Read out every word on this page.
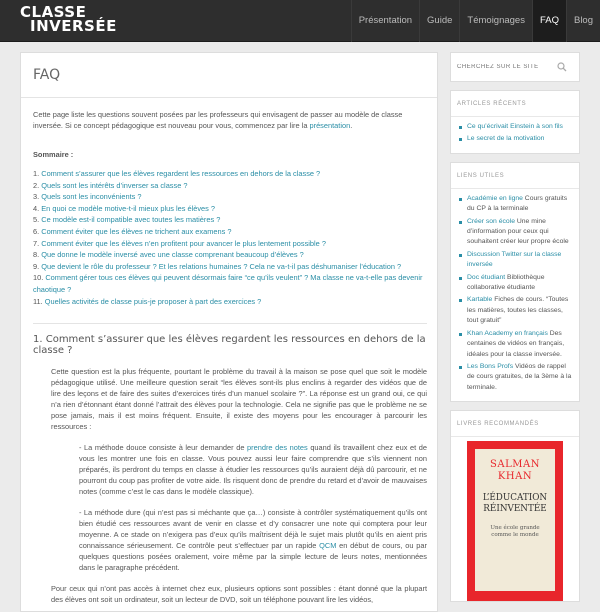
CLASSE
INVERSÉE	Présentation	Guide	Témoignages	FAQ	Blog
FAQ

Cette page liste les questions souvent posées par les professeurs qui envisagent de passer au modèle de classe inversée. Si ce concept pédagogique est nouveau pour vous, commencez par lire la présentation.

Sommaire :
1. Comment s’assurer que les élèves regardent les ressources en dehors de la classe ?
2. Quels sont les intérêts d’inverser sa classe ?
3. Quels sont les inconvénients ?
4. En quoi ce modèle motive-t-il mieux plus les élèves ?
5. Ce modèle est-il compatible avec toutes les matières ?
6. Comment éviter que les élèves ne trichent aux examens ?
7. Comment éviter que les élèves n’en profitent pour avancer le plus lentement possible ?
8. Que donne le modèle inversé avec une classe comprenant beaucoup d’élèves ?
9. Que devient le rôle du professeur ? Et les relations humaines ? Cela ne va-t-il pas déshumaniser l’éducation ?
10. Comment gérer tous ces élèves qui peuvent désormais faire “ce qu’ils veulent” ? Ma classe ne va-t-elle pas devenir chaotique ?
11. Quelles activités de classe puis-je proposer à part des exercices ?
1. Comment s’assurer que les élèves regardent les ressources en dehors de la classe ?

Cette question est la plus fréquente, pourtant le problème du travail à la maison se pose quel que soit le modèle pédagogique utilisé. Une meilleure question serait “les élèves sont-ils plus enclins à regarder des vidéos que de lire des leçons et de faire des suites d’exercices tirés d’un manuel scolaire ?”. La réponse est un grand oui, ce qui n’a rien d’étonnant étant donné l’attrait des élèves pour la technologie. Cela ne signifie pas que le problème ne se pose jamais, mais il est moins fréquent. Ensuite, il existe des moyens pour les encourager à parcourir les ressources :

- La méthode douce consiste à leur demander de prendre des notes quand ils travaillent chez eux et de vous les montrer une fois en classe. Vous pouvez aussi leur faire comprendre que s’ils viennent non préparés, ils perdront du temps en classe à étudier les ressources qu’ils auraient déjà dû parcourir, et ne pourront du coup pas profiter de votre aide. Ils risquent donc de prendre du retard et d’avoir de mauvaises notes (comme c’est le cas dans le modèle classique).

- La méthode dure (qui n’est pas si méchante que ça…) consiste à contrôler systématiquement qu’ils ont bien étudié ces ressources avant de venir en classe et d’y consacrer une note qui comptera pour leur moyenne. A ce stade on n’exigera pas d’eux qu’ils maîtrisent déjà le sujet mais plutôt qu’ils en aient pris connaissance sérieusement. Ce contrôle peut s’effectuer par un rapide QCM en début de cours, ou par quelques questions posées oralement, voire même par la simple lecture de leurs notes, mentionnées dans le paragraphe précédent.

Pour ceux qui n’ont pas accès à internet chez eux, plusieurs options sont possibles : étant donné que la plupart des élèves ont soit un ordinateur, soit un lecteur de DVD, soit un téléphone pouvant lire les vidéos,

CHERCHEZ SUR LE SITE
ARTICLES RÉCENTS
Ce qu’écrivait Einstein à son fils
Le secret de la motivation
LIENS UTILES
Académie en ligne Cours gratuits du CP à la terminale
Créer son école Une mine d’information pour ceux qui souhaitent créer leur propre école
Discussion Twitter sur la classe inversée
Doc étudiant Bibliothèque collaborative étudiante
Kartable Fiches de cours. “Toutes les matières, toutes les classes, tout gratuit”
Khan Academy en français Des centaines de vidéos en français, idéales pour la classe inversée.
Les Bons Profs Vidéos de rappel de cours gratuites, de la 3ème à la terminale.
LIVRES RECOMMANDÉS
SALMAN
KHAN
L’ÉDUCATION
RÉINVENTÉE
Une école grande
comme le monde
